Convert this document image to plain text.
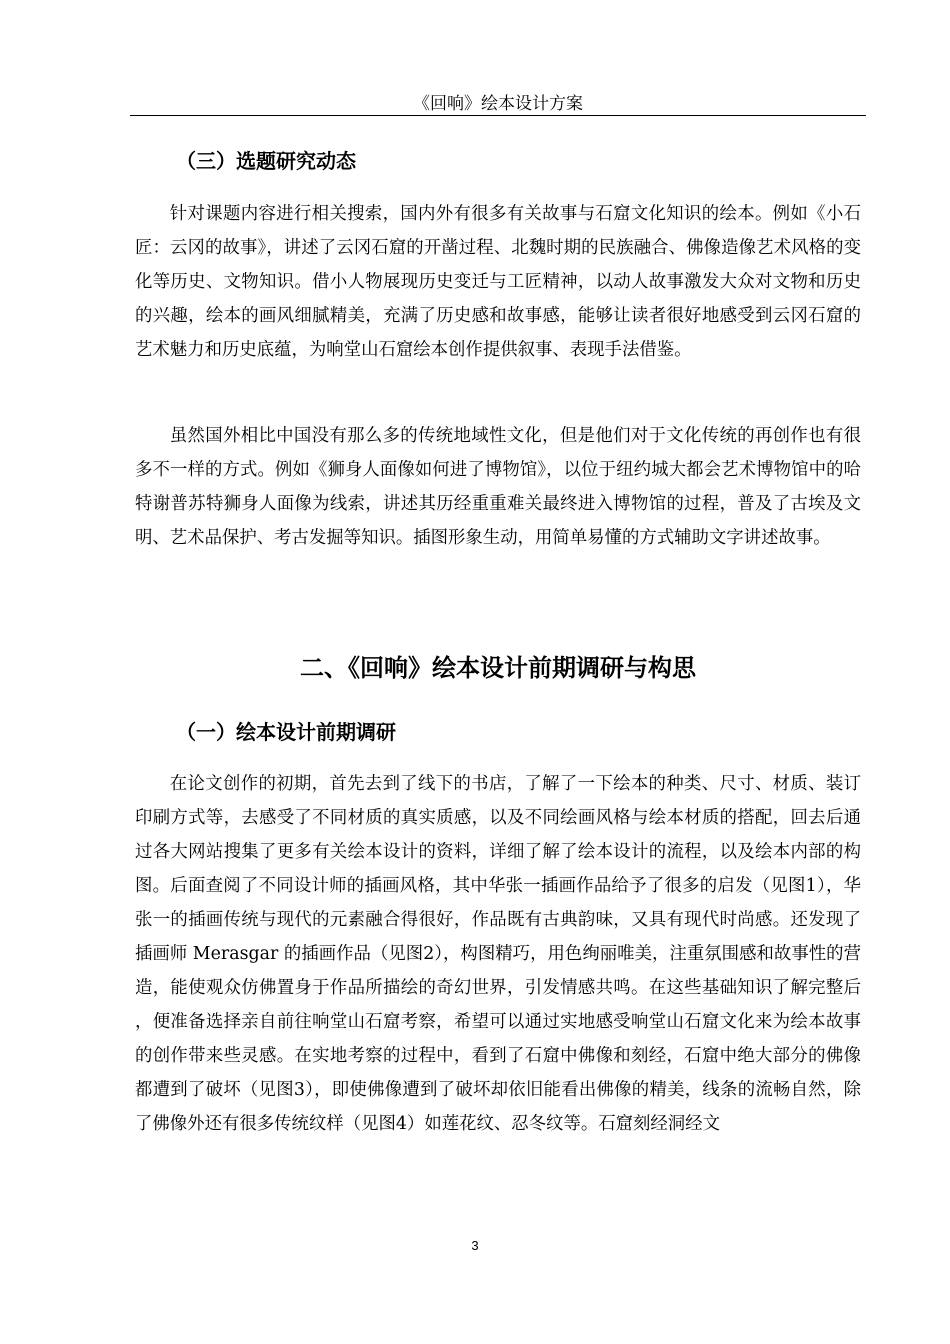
《回响》绘本设计方案
（三）选题研究动态

针对课题内容进行相关搜索，国内外有很多有关故事与石窟文化知识的绘本。例如《小石匠：云冈的故事》，讲述了云冈石窟的开凿过程、北魏时期的民族融合、佛像造像艺术风格的变化等历史、文物知识。借小人物展现历史变迁与工匠精神，以动人故事激发大众对文物和历史的兴趣，绘本的画风细腻精美，充满了历史感和故事感，能够让读者很好地感受到云冈石窟的艺术魅力和历史底蕴，为响堂山石窟绘本创作提供叙事、表现手法借鉴。

虽然国外相比中国没有那么多的传统地域性文化，但是他们对于文化传统的再创作也有很多不一样的方式。例如《狮身人面像如何进了博物馆》，以位于纽约城大都会艺术博物馆中的哈特谢普苏特狮身人面像为线索，讲述其历经重重难关最终进入博物馆的过程，普及了古埃及文明、艺术品保护、考古发掘等知识。插图形象生动，用简单易懂的方式辅助文字讲述故事。

二、《回响》绘本设计前期调研与构思
（一）绘本设计前期调研

在论文创作的初期，首先去到了线下的书店，了解了一下绘本的种类、尺寸、材质、装订印刷方式等，去感受了不同材质的真实质感，以及不同绘画风格与绘本材质的搭配，回去后通过各大网站搜集了更多有关绘本设计的资料，详细了解了绘本设计的流程，以及绘本内部的构图。后面查阅了不同设计师的插画风格，其中华张一插画作品给予了很多的启发（见图1），华张一的插画传统与现代的元素融合得很好，作品既有古典韵味，又具有现代时尚感。还发现了插画师 Merasgar 的插画作品（见图2），构图精巧，用色绚丽唯美，注重氛围感和故事性的营造，能使观众仿佛置身于作品所描绘的奇幻世界，引发情感共鸣。在这些基础知识了解完整后，便准备选择亲自前往响堂山石窟考察，希望可以通过实地感受响堂山石窟文化来为绘本故事的创作带来些灵感。在实地考察的过程中，看到了石窟中佛像和刻经，石窟中绝大部分的佛像都遭到了破坏（见图3），即使佛像遭到了破坏却依旧能看出佛像的精美，线条的流畅自然，除了佛像外还有很多传统纹样（见图4）如莲花纹、忍冬纹等。石窟刻经洞经文

3
